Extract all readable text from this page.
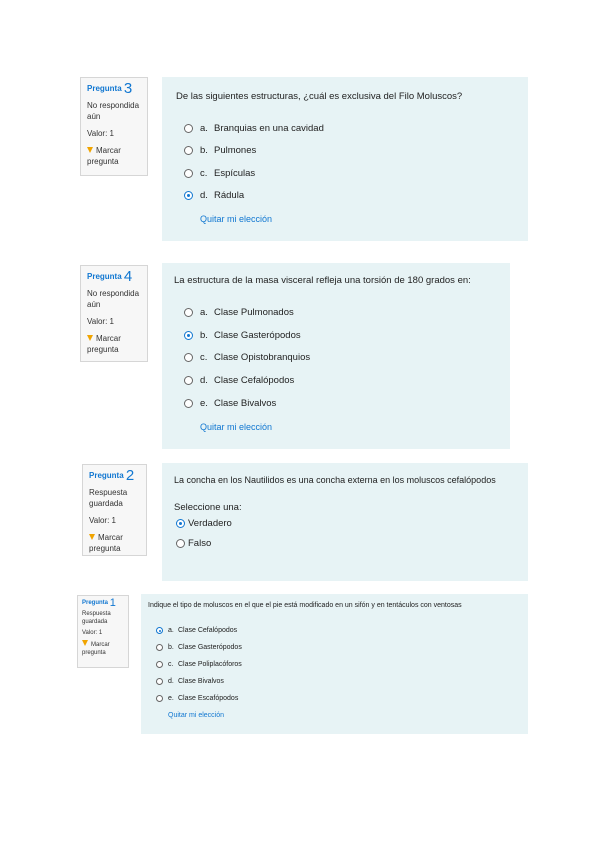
Pregunta 3
No respondida aún
Valor: 1
Marcar pregunta
De las siguientes estructuras, ¿cuál es exclusiva del Filo Moluscos?
a. Branquias en una cavidad
b. Pulmones
c. Espículas
d. Rádula
Quitar mi elección
Pregunta 4
No respondida aún
Valor: 1
Marcar pregunta
La estructura de la masa visceral refleja una torsión de 180 grados en:
a. Clase Pulmonados
b. Clase Gasterópodos
c. Clase Opistobranquios
d. Clase Cefalópodos
e. Clase Bivalvos
Quitar mi elección
Pregunta 2
Respuesta guardada
Valor: 1
Marcar pregunta
La concha en los Nautilidos es una concha externa en los moluscos cefalópodos
Seleccione una:
Verdadero
Falso
Pregunta 1
Respuesta guardada
Valor: 1
Marcar pregunta
Indique el tipo de moluscos en el que el pie está modificado en un sifón y en tentáculos con ventosas
a. Clase Cefalópodos
b. Clase Gasterópodos
c. Clase Poliplacóforos
d. Clase Bivalvos
e. Clase Escafópodos
Quitar mi elección
